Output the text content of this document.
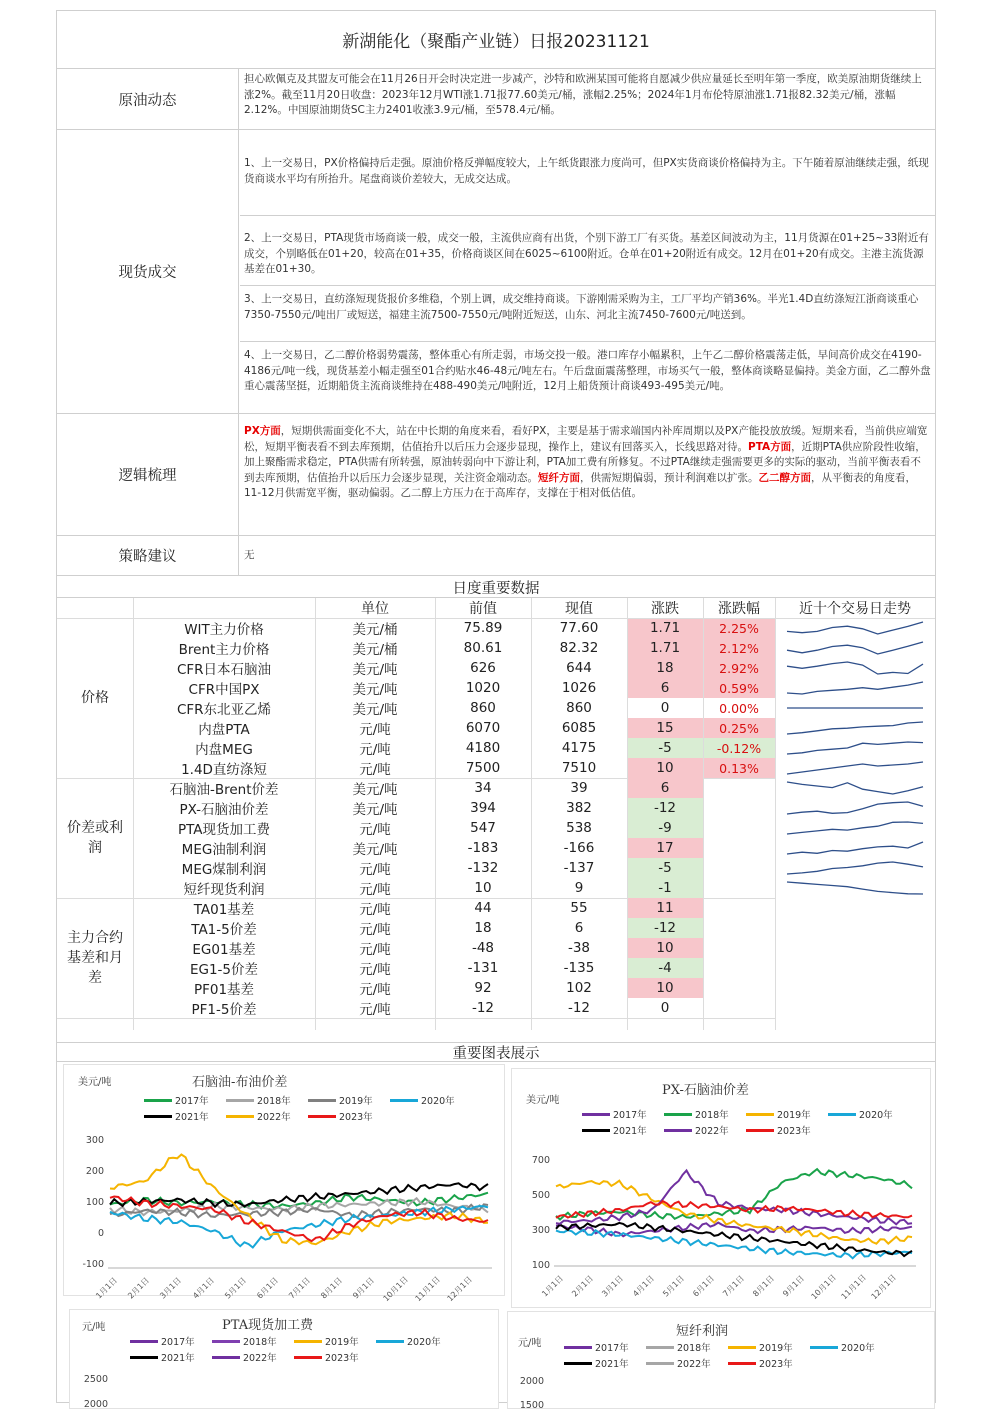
新湖能化（聚酯产业链）日报20231121
原油动态
担心欧佩克及其盟友可能会在11月26日开会时决定进一步减产，沙特和欧洲某国可能将自愿减少供应量延长至明年第一季度，欧美原油期货继续上涨2%。截至11月20日收盘：2023年12月WTI涨1.71报77.60美元/桶，涨幅2.25%；2024年1月布伦特原油涨1.71报82.32美元/桶，涨幅2.12%。中国原油期货SC主力2401收涨3.9元/桶，至578.4元/桶。
现货成交
1、上一交易日，PX价格偏持后走强。原油价格反弹幅度较大，上午纸货跟涨力度尚可，但PX实货商谈价格偏持为主。下午随着原油继续走强，纸现货商谈水平均有所抬升。尾盘商谈价差较大，无成交达成。
2、上一交易日，PTA现货市场商谈一般，成交一般，主流供应商有出货，个别下游工厂有买货。基差区间波动为主，11月货源在01+25~33附近有成交，个别略低在01+20，较高在01+35，价格商谈区间在6025~6100附近。仓单在01+20附近有成交。12月在01+20有成交。主港主流货源基差在01+30。
3、上一交易日，直纺涤短现货报价多维稳，个别上调，成交维持商谈。下游刚需采购为主，工厂平均产销36%。半光1.4D直纺涤短江浙商谈重心7350-7550元/吨出厂或短送，福建主流7500-7550元/吨附近短送，山东、河北主流7450-7600元/吨送到。
4、上一交易日，乙二醇价格弱势震荡，整体重心有所走弱，市场交投一般。港口库存小幅累积，上午乙二醇价格震荡走低，早间高价成交在4190-4186元/吨一线，现货基差小幅走强至01合约贴水46-48元/吨左右。午后盘面震荡整理，市场买气一般，整体商谈略显偏持。美金方面，乙二醇外盘重心震荡坚挺，近期船货主流商谈维持在488-490美元/吨附近，12月上船货预计商谈493-495美元/吨。
逻辑梳理
PX方面，短期供需面变化不大，站在中长期的角度来看，看好PX，主要是基于需求端国内补库周期以及PX产能投放放缓。短期来看，当前供应端宽松，短期平衡表看不到去库预期，估值抬升以后压力会逐步显现，操作上，建议有回落买入，长线思路对待。PTA方面，近期PTA供应阶段性收缩，加上聚酯需求稳定，PTA供需有所转强，原油转弱向中下游让利，PTA加工费有所修复。不过PTA继续走强需要更多的实际的驱动，当前平衡表看不到去库预期，估值抬升以后压力会逐步显现，关注资金端动态。短纤方面，供需短期偏弱，预计利润难以扩张。乙二醇方面，从平衡表的角度看，11-12月供需宽平衡，驱动偏弱。乙二醇上方压力在于高库存，支撑在于相对低估值。
策略建议	无
日度重要数据
单位	前值	现值	涨跌	涨跌幅	近十个交易日走势
价格
WIT主力价格	美元/桶	75.89	77.60	1.71	2.25%
Brent主力价格	美元/桶	80.61	82.32	1.71	2.12%
CFR日本石脑油	美元/吨	626	644	18	2.92%
CFR中国PX	美元/吨	1020	1026	6	0.59%
CFR东北亚乙烯	美元/吨	860	860	0	0.00%
内盘PTA	元/吨	6070	6085	15	0.25%
内盘MEG	元/吨	4180	4175	-5	-0.12%
1.4D直纺涤短	元/吨	7500	7510	10	0.13%
价差或利润
石脑油-Brent价差	美元/吨	34	39	6
PX-石脑油价差	美元/吨	394	382	-12
PTA现货加工费	元/吨	547	538	-9
MEG油制利润	美元/吨	-183	-166	17
MEG煤制利润	元/吨	-132	-137	-5
短纤现货利润	元/吨	10	9	-1
主力合约基差和月差
TA01基差	元/吨	44	55	11
TA1-5价差	元/吨	18	6	-12
EG01基差	元/吨	-48	-38	10
EG1-5价差	元/吨	-131	-135	-4
PF01基差	元/吨	92	102	10
PF1-5价差	元/吨	-12	-12	0
重要图表展示
美元/吨	石脑油-布油价差
2017年	2018年	2019年	2020年
2021年	2022年	2023年
300
200
100
0
-100
1月1日 2月1日 3月1日 4月1日 5月1日 6月1日 7月1日 8月1日 9月1日 10月1日 11月1日 12月1日
美元/吨
PX-石脑油价差
2017年	2018年	2019年	2020年
2021年	2022年	2023年
700
500
300
100
1月1日 2月1日 3月1日 4月1日 5月1日 6月1日 7月1日 8月1日 9月1日 10月1日 11月1日 12月1日
元/吨	PTA现货加工费
2017年	2018年	2019年	2020年
2021年	2022年	2023年
2500
2000
元/吨
短纤利润
2017年	2018年	2019年	2020年
2021年	2022年	2023年
2000
1500
